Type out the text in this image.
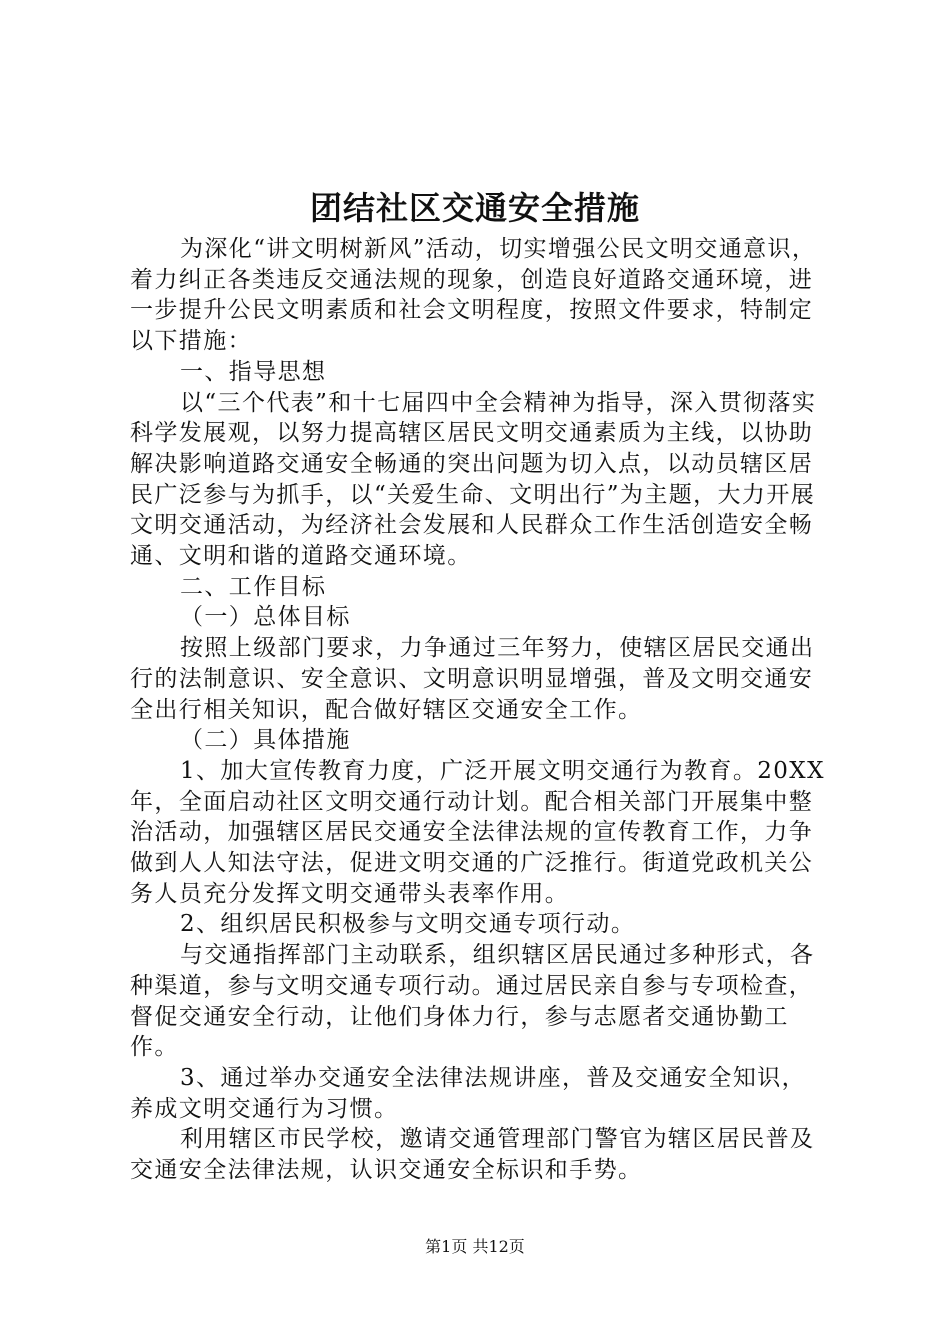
团结社区交通安全措施

为深化“讲文明树新风”活动，切实增强公民文明交通意识，着力纠正各类违反交通法规的现象，创造良好道路交通环境，进一步提升公民文明素质和社会文明程度，按照文件要求，特制定以下措施：

一、指导思想

以“三个代表”和十七届四中全会精神为指导，深入贯彻落实科学发展观，以努力提高辖区居民文明交通素质为主线，以协助解决影响道路交通安全畅通的突出问题为切入点，以动员辖区居民广泛参与为抓手，以“关爱生命、文明出行”为主题，大力开展文明交通活动，为经济社会发展和人民群众工作生活创造安全畅通、文明和谐的道路交通环境。

二、工作目标

（一）总体目标

按照上级部门要求，力争通过三年努力，使辖区居民交通出行的法制意识、安全意识、文明意识明显增强，普及文明交通安全出行相关知识，配合做好辖区交通安全工作。

（二）具体措施

1、加大宣传教育力度，广泛开展文明交通行为教育。20XX年，全面启动社区文明交通行动计划。配合相关部门开展集中整治活动，加强辖区居民交通安全法律法规的宣传教育工作，力争做到人人知法守法，促进文明交通的广泛推行。街道党政机关公务人员充分发挥文明交通带头表率作用。

2、组织居民积极参与文明交通专项行动。

与交通指挥部门主动联系，组织辖区居民通过多种形式，各种渠道，参与文明交通专项行动。通过居民亲自参与专项检查，督促交通安全行动，让他们身体力行，参与志愿者交通协勤工作。

3、通过举办交通安全法律法规讲座，普及交通安全知识，养成文明交通行为习惯。

利用辖区市民学校，邀请交通管理部门警官为辖区居民普及交通安全法律法规，认识交通安全标识和手势。

第1页 共12页
